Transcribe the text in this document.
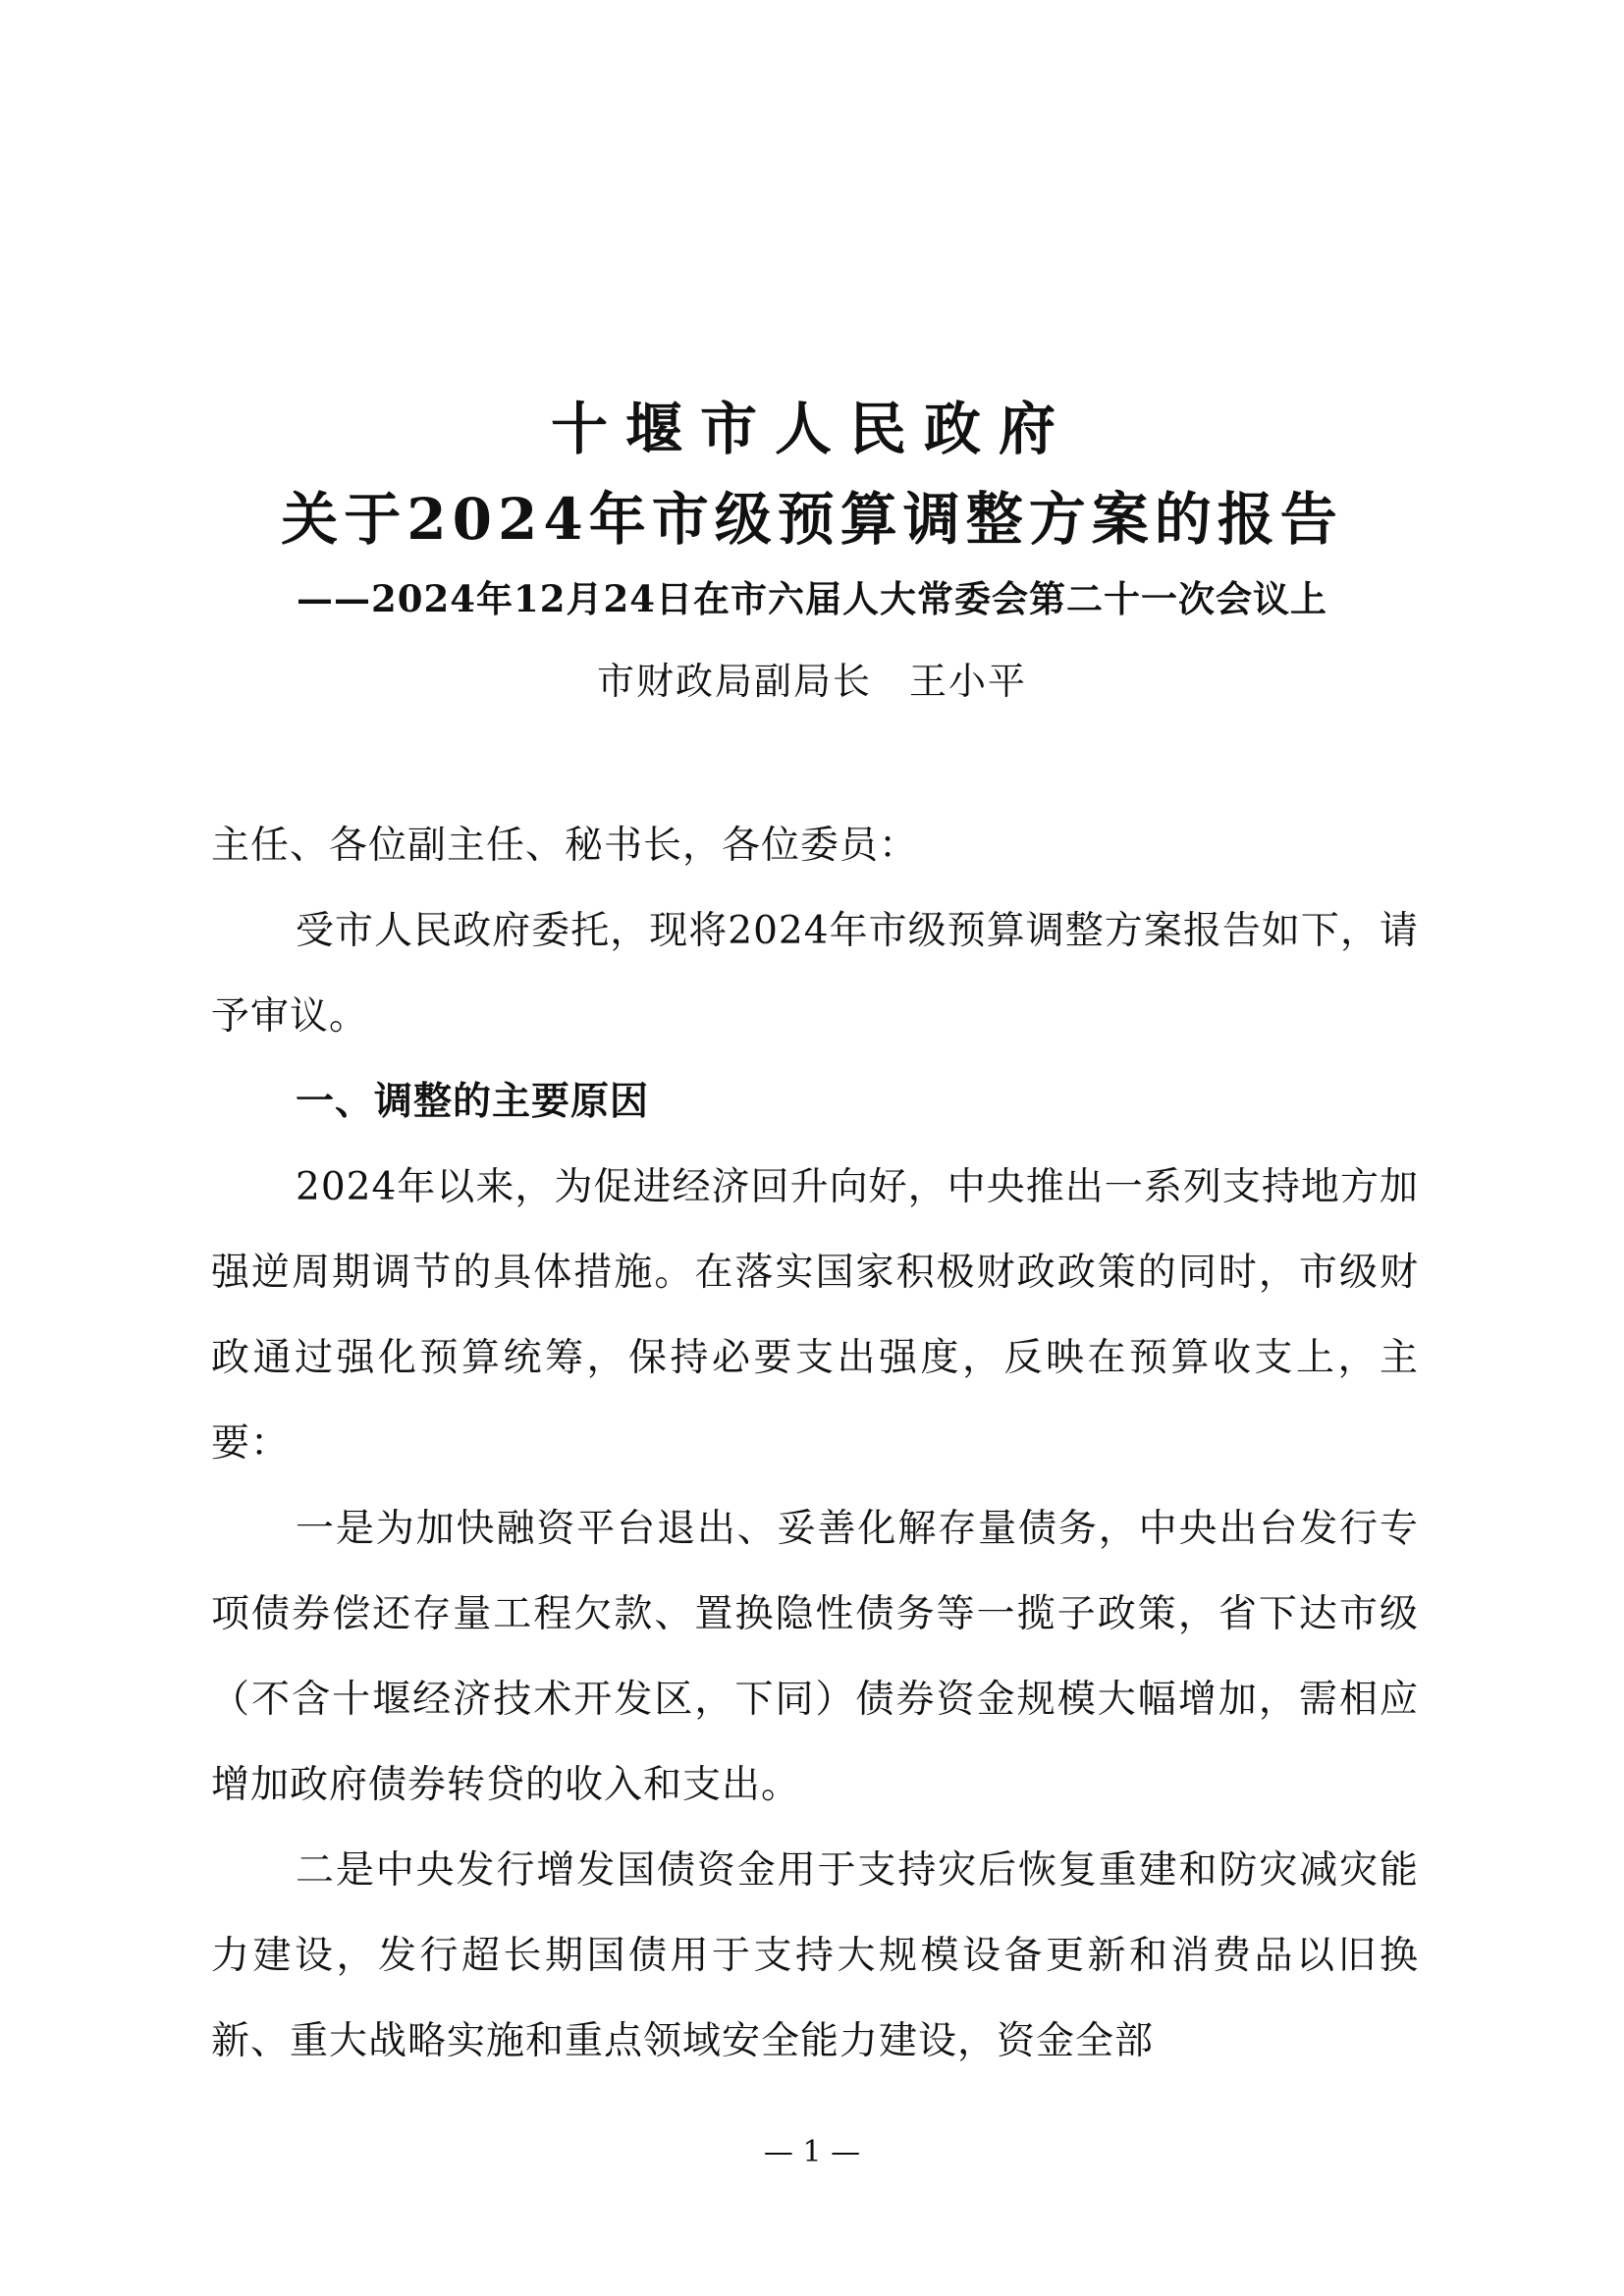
十堰市人民政府
关于2024年市级预算调整方案的报告
——2024年12月24日在市六届人大常委会第二十一次会议上
市财政局副局长 王小平
主任、各位副主任、秘书长，各位委员：
受市人民政府委托，现将2024年市级预算调整方案报告如下，请予审议。
一、调整的主要原因
2024年以来，为促进经济回升向好，中央推出一系列支持地方加强逆周期调节的具体措施。在落实国家积极财政政策的同时，市级财政通过强化预算统筹，保持必要支出强度，反映在预算收支上，主要：
一是为加快融资平台退出、妥善化解存量债务，中央出台发行专项债券偿还存量工程欠款、置换隐性债务等一揽子政策，省下达市级（不含十堰经济技术开发区，下同）债券资金规模大幅增加，需相应增加政府债券转贷的收入和支出。
二是中央发行增发国债资金用于支持灾后恢复重建和防灾减灾能力建设，发行超长期国债用于支持大规模设备更新和消费品以旧换新、重大战略实施和重点领域安全能力建设，资金全部
— 1 —
